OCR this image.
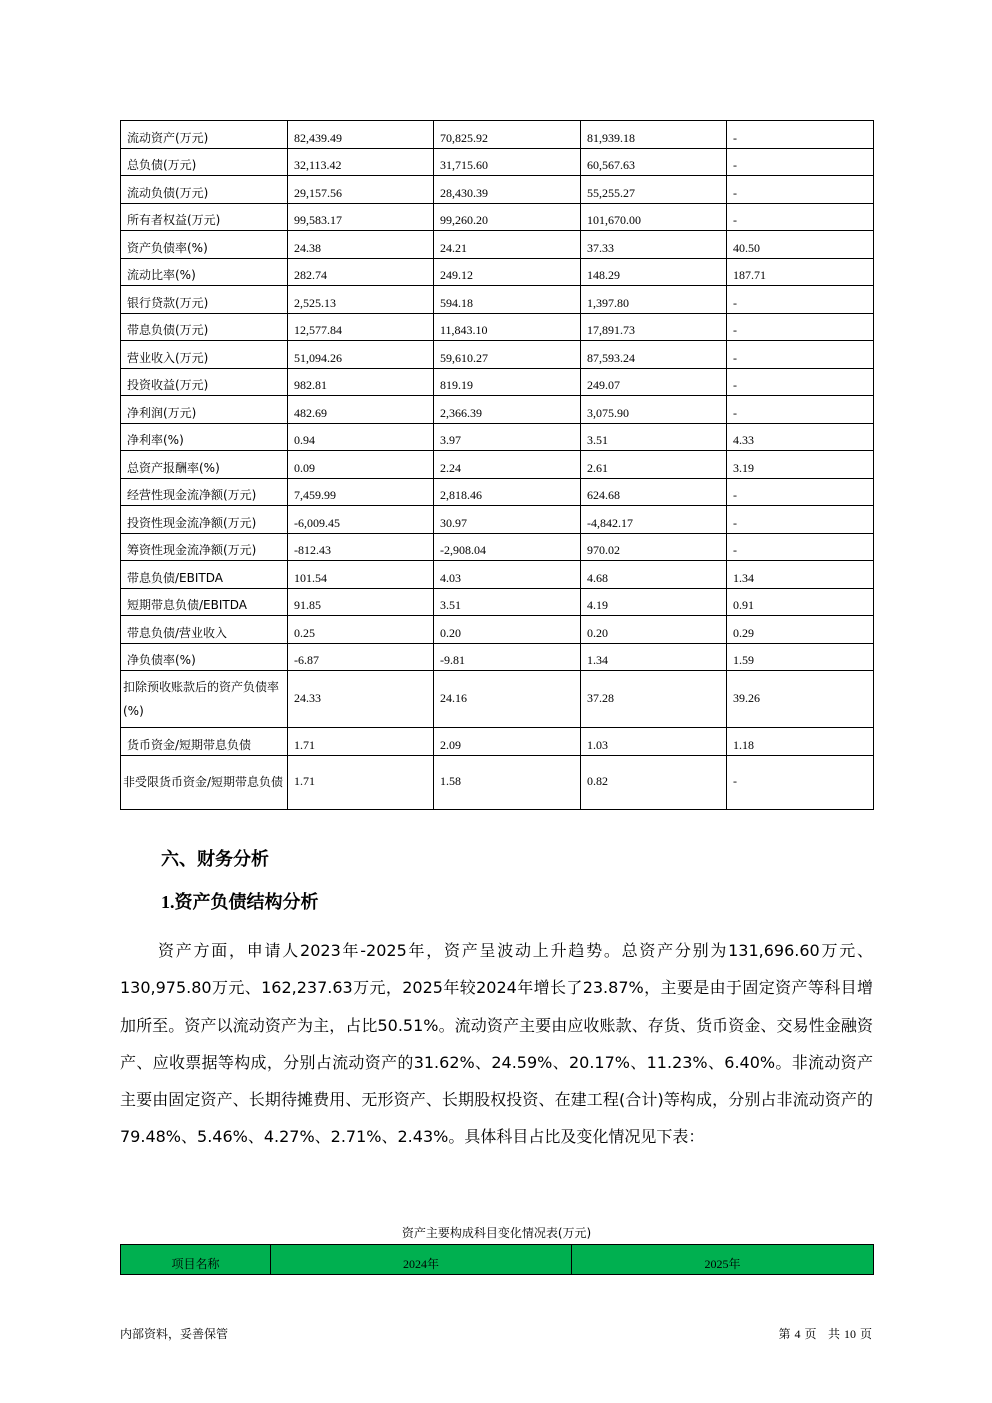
流动资产(万元)	82,439.49	70,825.92	81,939.18	-
总负债(万元)	32,113.42	31,715.60	60,567.63	-
流动负债(万元)	29,157.56	28,430.39	55,255.27	-
所有者权益(万元)	99,583.17	99,260.20	101,670.00	-
资产负债率(%)	24.38	24.21	37.33	40.50
流动比率(%)	282.74	249.12	148.29	187.71
银行贷款(万元)	2,525.13	594.18	1,397.80	-
带息负债(万元)	12,577.84	11,843.10	17,891.73	-
营业收入(万元)	51,094.26	59,610.27	87,593.24	-
投资收益(万元)	982.81	819.19	249.07	-
净利润(万元)	482.69	2,366.39	3,075.90	-
净利率(%)	0.94	3.97	3.51	4.33
总资产报酬率(%)	0.09	2.24	2.61	3.19
经营性现金流净额(万元)	7,459.99	2,818.46	624.68	-
投资性现金流净额(万元)	-6,009.45	30.97	-4,842.17	-
筹资性现金流净额(万元)	-812.43	-2,908.04	970.02	-
带息负债/EBITDA	101.54	4.03	4.68	1.34
短期带息负债/EBITDA	91.85	3.51	4.19	0.91
带息负债/营业收入	0.25	0.20	0.20	0.29
净负债率(%)	-6.87	-9.81	1.34	1.59
扣除预收账款后的资产负债率(%)	24.33	24.16	37.28	39.26
货币资金/短期带息负债	1.71	2.09	1.03	1.18
非受限货币资金/短期带息负债	1.71	1.58	0.82	-
六、财务分析
1.资产负债结构分析

资产方面，申请人2023年-2025年，资产呈波动上升趋势。总资产分别为131,696.60万元、130,975.80万元、162,237.63万元，2025年较2024年增长了23.87%，主要是由于固定资产等科目增加所至。资产以流动资产为主，占比50.51%。流动资产主要由应收账款、存货、货币资金、交易性金融资产、应收票据等构成，分别占流动资产的31.62%、24.59%、20.17%、11.23%、6.40%。非流动资产主要由固定资产、长期待摊费用、无形资产、长期股权投资、在建工程(合计)等构成，分别占非流动资产的79.48%、5.46%、4.27%、2.71%、2.43%。具体科目占比及变化情况见下表：

资产主要构成科目变化情况表(万元)
项目名称	2024年	2025年
内部资料，妥善保管	第 4 页 共 10 页
